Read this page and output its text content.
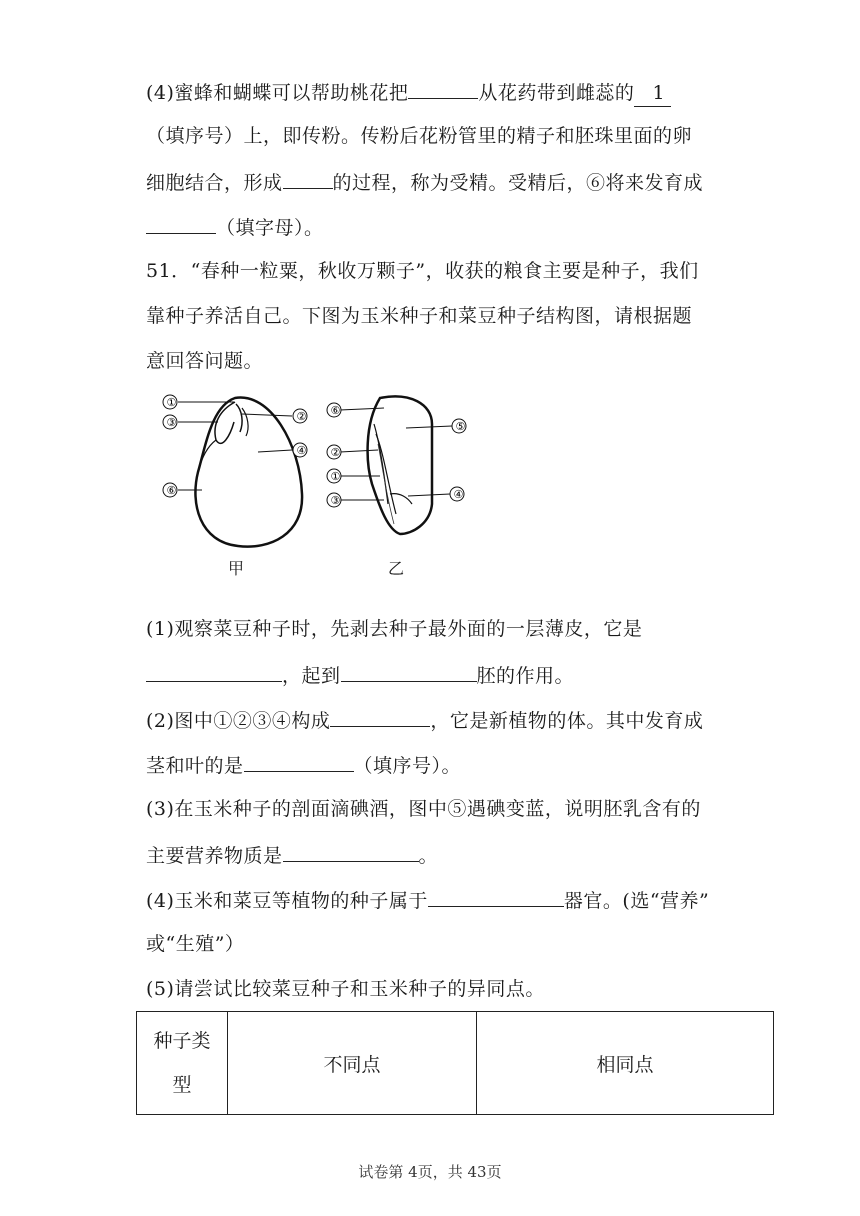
(4)蜜蜂和蝴蝶可以帮助桃花把	从花药带到雌蕊的 1
（填序号）上，即传粉。传粉后花粉管里的精子和胚珠里面的卵
细胞结合，形成	的过程，称为受精。受精后，⑥将来发育成
（填字母）。
51．“春种一粒粟，秋收万颗子”，收获的粮食主要是种子，我们
靠种子养活自己。下图为玉米种子和菜豆种子结构图，请根据题
意回答问题。
①
③	②
④
⑥
⑥
②
①
③
⑤
④
甲	乙
(1)观察菜豆种子时，先剥去种子最外面的一层薄皮，它是
，起到	胚的作用。
(2)图中①②③④构成	，它是新植物的体。其中发育成
茎和叶的是	（填序号）。
(3)在玉米种子的剖面滴碘酒，图中⑤遇碘变蓝，说明胚乳含有的
主要营养物质是	。
(4)玉米和菜豆等植物的种子属于	器官。(选“营养”
或“生殖”）
(5)请尝试比较菜豆种子和玉米种子的异同点。
种子类
型	不同点	相同点
试卷第 4页，共 43页
